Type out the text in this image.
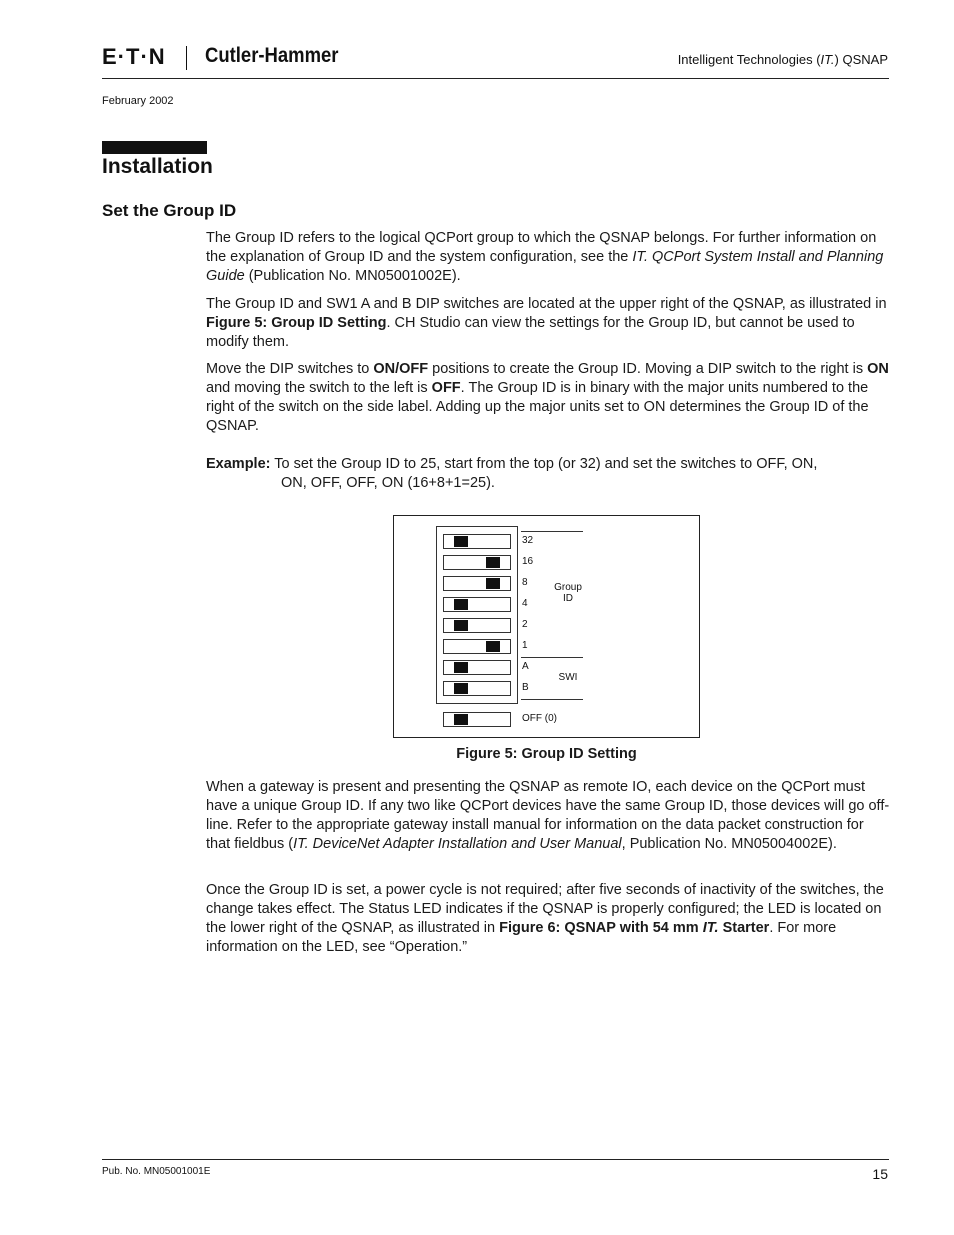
E·T·N Cutler-Hammer	Intelligent Technologies (IT.) QSNAP
February 2002
Installation
Set the Group ID

The Group ID refers to the logical QCPort group to which the QSNAP belongs. For further information on the explanation of Group ID and the system configuration, see the IT. QCPort System Install and Planning Guide (Publication No. MN05001002E).

The Group ID and SW1 A and B DIP switches are located at the upper right of the QSNAP, as illustrated in Figure 5: Group ID Setting. CH Studio can view the settings for the Group ID, but cannot be used to modify them.

Move the DIP switches to ON/OFF positions to create the Group ID. Moving a DIP switch to the right is ON and moving the switch to the left is OFF. The Group ID is in binary with the major units numbered to the right of the switch on the side label. Adding up the major units set to ON determines the Group ID of the QSNAP.

Example: To set the Group ID to 25, start from the top (or 32) and set the switches to OFF, ON,
ON, OFF, OFF, ON (16+8+1=25).
32
16
8
4
2
1
A
B
OFF (0)
Group
ID
SWI
Figure 5: Group ID Setting

When a gateway is present and presenting the QSNAP as remote IO, each device on the QCPort must have a unique Group ID. If any two like QCPort devices have the same Group ID, those devices will go off-line. Refer to the appropriate gateway install manual for information on the data packet construction for that fieldbus (IT. DeviceNet Adapter Installation and User Manual, Publication No. MN05004002E).

Once the Group ID is set, a power cycle is not required; after five seconds of inactivity of the switches, the change takes effect. The Status LED indicates if the QSNAP is properly configured; the LED is located on the lower right of the QSNAP, as illustrated in Figure 6: QSNAP with 54 mm IT. Starter. For more information on the LED, see “Operation.”

Pub. No. MN05001001E	15
